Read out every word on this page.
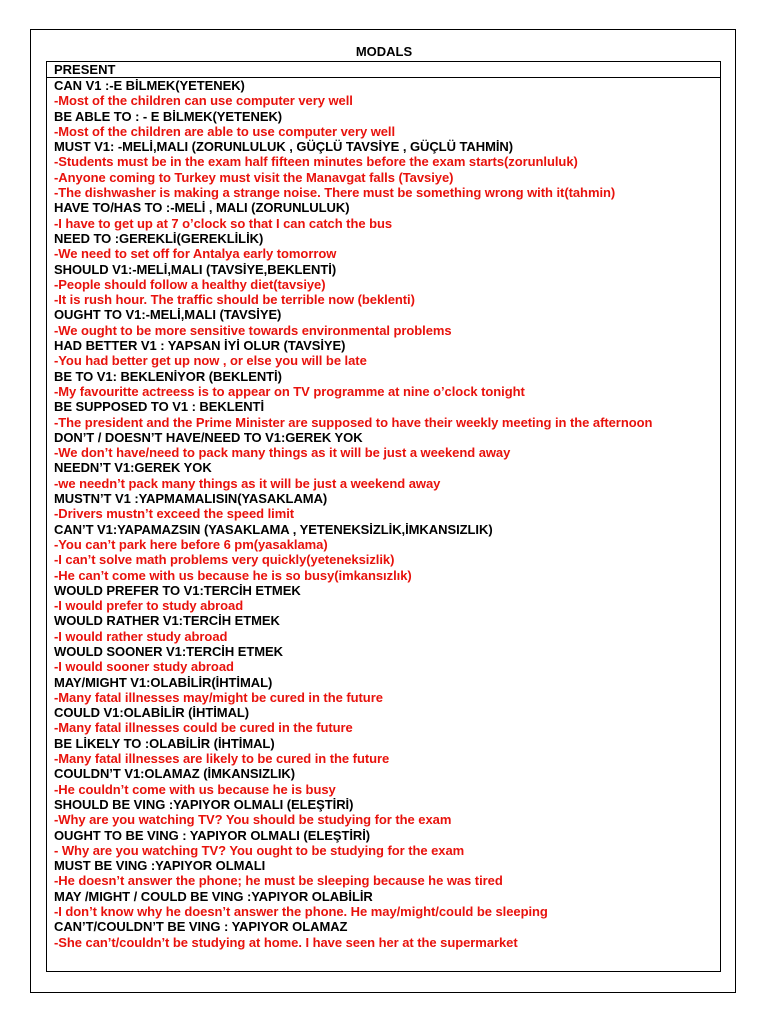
MODALS
PRESENT
CAN V1 :-E BİLMEK(YETENEK)
-Most of the children can use computer very well
BE ABLE TO : - E BİLMEK(YETENEK)
-Most of the children are able to use computer very well
MUST V1: -MELİ,MALI (ZORUNLULUK , GÜÇLÜ TAVSİYE , GÜÇLÜ TAHMİN)
-Students must be in the exam half fifteen minutes before the exam starts(zorunluluk)
-Anyone coming to Turkey must visit the Manavgat falls (Tavsiye)
-The dishwasher is making a strange noise. There must be something wrong with it(tahmin)
HAVE TO/HAS TO :-MELİ , MALI (ZORUNLULUK)
-I have to get up at 7 o’clock so that I can catch the bus
NEED TO :GEREKLİ(GEREKLİLİK)
-We need to set off for Antalya early tomorrow
SHOULD V1:-MELİ,MALI (TAVSİYE,BEKLENTİ)
-People should follow a healthy diet(tavsiye)
-It is rush hour. The traffic should be terrible now (beklenti)
OUGHT TO V1:-MELİ,MALI (TAVSİYE)
-We ought to be more sensitive towards environmental problems
HAD BETTER V1 : YAPSAN İYİ OLUR (TAVSİYE)
-You had better get up now , or else you will be late
BE TO V1: BEKLENİYOR (BEKLENTİ)
-My favouritte actreess is to appear on TV programme at nine o’clock tonight
BE SUPPOSED TO V1 : BEKLENTİ
-The president and the Prime Minister are supposed to have their weekly meeting in the afternoon
DON’T / DOESN’T HAVE/NEED TO V1:GEREK YOK
-We don’t have/need to pack many things as it will be just a weekend away
NEEDN’T V1:GEREK YOK
-we needn’t pack many things as it will be just a weekend away
MUSTN’T V1 :YAPMAMALISIN(YASAKLAMA)
-Drivers mustn’t exceed the speed limit
CAN’T V1:YAPAMAZSIN (YASAKLAMA , YETENEKSİZLİK,İMKANSIZLIK)
-You can’t park here before 6 pm(yasaklama)
-I can’t solve math problems very quickly(yeteneksizlik)
-He can’t come with us because he is so busy(imkansızlık)
WOULD PREFER TO V1:TERCİH ETMEK
-I would prefer to study abroad
WOULD RATHER V1:TERCİH ETMEK
-I would rather study abroad
WOULD SOONER V1:TERCİH ETMEK
-I would sooner study abroad
MAY/MIGHT V1:OLABİLİR(İHTİMAL)
-Many fatal illnesses may/might be cured in the future
COULD V1:OLABİLİR (İHTİMAL)
-Many fatal illnesses could be cured in the future
BE LİKELY TO :OLABİLİR (İHTİMAL)
-Many fatal illnesses are likely to be cured in the future
COULDN’T V1:OLAMAZ (İMKANSIZLIK)
-He couldn’t come with us because he is busy
SHOULD BE VING :YAPIYOR OLMALI (ELEŞTİRİ)
-Why are you watching TV? You should be studying for the exam
OUGHT TO BE VING : YAPIYOR OLMALI (ELEŞTİRİ)
- Why are you watching TV? You ought to be studying for the exam
MUST BE VING :YAPIYOR OLMALI
-He doesn’t answer the phone; he must be sleeping because he was tired
MAY /MIGHT / COULD BE VING :YAPIYOR OLABİLİR
-I don’t know why he doesn’t answer the phone. He may/might/could be sleeping
CAN’T/COULDN’T BE VING : YAPIYOR OLAMAZ
-She can’t/couldn’t be studying at home. I have seen her at the supermarket
